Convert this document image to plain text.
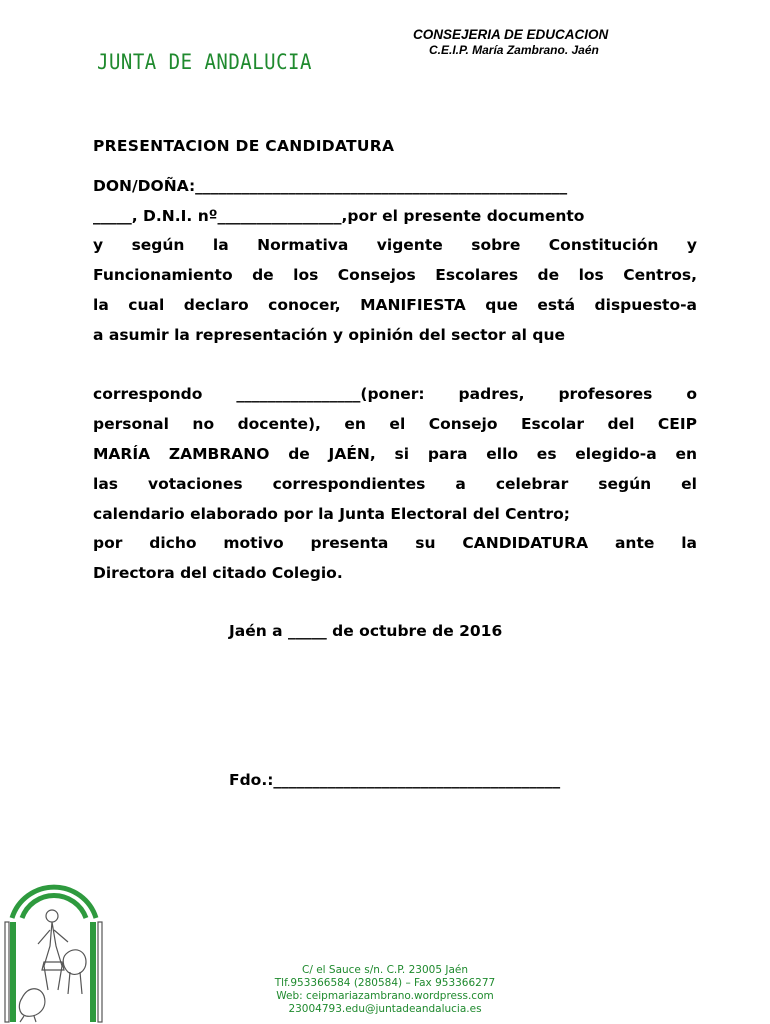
JUNTA DE ANDALUCIA
CONSEJERIA DE EDUCACION
C.E.I.P. María Zambrano. Jaén
PRESENTACION DE CANDIDATURA
DON/DOÑA:________________________________________________
_____, D.N.I. nº________________,por el presente documento
y según la Normativa vigente sobre Constitución y
Funcionamiento de los Consejos Escolares de los Centros,
la cual declaro conocer, MANIFIESTA que está dispuesto-a
a asumir la representación y opinión del sector al que
correspondo ________________(poner: padres, profesores o
personal no docente), en el Consejo Escolar del CEIP
MARÍA ZAMBRANO de JAÉN, si para ello es elegido-a en
las votaciones correspondientes a celebrar según el
calendario elaborado por la Junta Electoral del Centro;
por dicho motivo presenta su CANDIDATURA ante la
Directora del citado Colegio.
Jaén a _____ de octubre de 2016
Fdo.:_____________________________________
C/ el Sauce s/n. C.P. 23005 Jaén
Tlf.953366584 (280584) – Fax 953366277
Web: ceipmariazambrano.wordpress.com
23004793.edu@juntadeandalucia.es
